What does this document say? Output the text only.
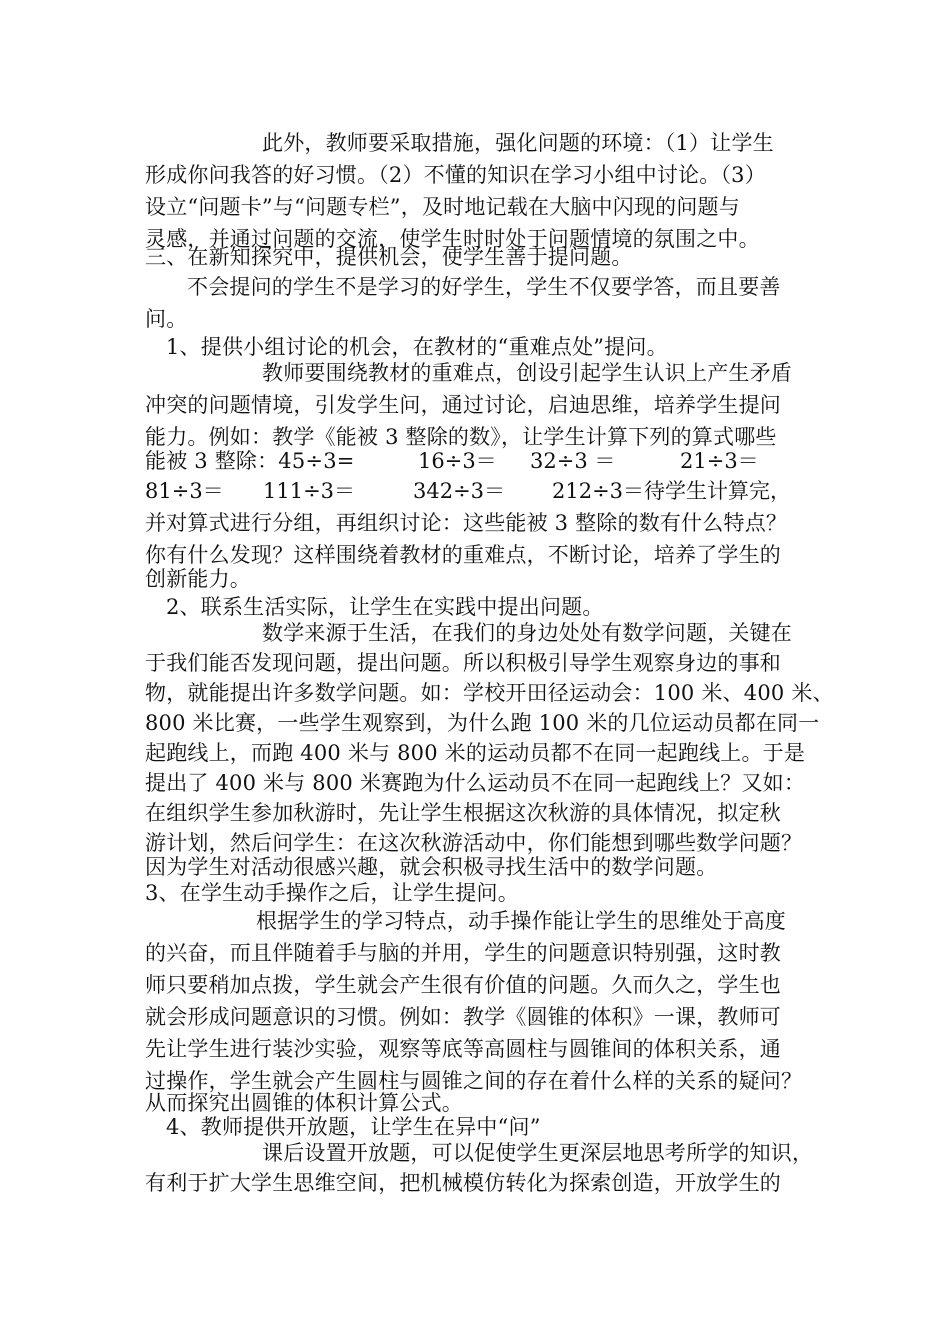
此外，教师要采取措施，强化问题的环境：（1）让学生
形成你问我答的好习惯。（2）不懂的知识在学习小组中讨论。（3）
设立“问题卡”与“问题专栏”，及时地记载在大脑中闪现的问题与
灵感，并通过问题的交流，使学生时时处于问题情境的氛围之中。
三、在新知探究中，提供机会，使学生善于提问题。
不会提问的学生不是学习的好学生，学生不仅要学答，而且要善
问。
1、提供小组讨论的机会，在教材的“重难点处”提问。
教师要围绕教材的重难点，创设引起学生认识上产生矛盾
冲突的问题情境，引发学生问，通过讨论，启迪思维，培养学生提问
能力。例如：教学《能被 3 整除的数》，让学生计算下列的算式哪些
能被 3 整除：45÷3=	16÷3＝ 32÷3 ＝	21÷3＝
81÷3＝ 111÷3＝	342÷3＝ 212÷3＝待学生计算完，
并对算式进行分组，再组织讨论：这些能被 3 整除的数有什么特点？
你有什么发现？这样围绕着教材的重难点，不断讨论，培养了学生的
创新能力。
2、联系生活实际，让学生在实践中提出问题。
数学来源于生活，在我们的身边处处有数学问题，关键在
于我们能否发现问题，提出问题。所以积极引导学生观察身边的事和
物，就能提出许多数学问题。如：学校开田径运动会：100 米、400 米、
800 米比赛，一些学生观察到，为什么跑 100 米的几位运动员都在同一
起跑线上，而跑 400 米与 800 米的运动员都不在同一起跑线上。于是
提出了 400 米与 800 米赛跑为什么运动员不在同一起跑线上？又如：
在组织学生参加秋游时，先让学生根据这次秋游的具体情况，拟定秋
游计划，然后问学生：在这次秋游活动中，你们能想到哪些数学问题？
因为学生对活动很感兴趣，就会积极寻找生活中的数学问题。
3、在学生动手操作之后，让学生提问。
根据学生的学习特点，动手操作能让学生的思维处于高度
的兴奋，而且伴随着手与脑的并用，学生的问题意识特别强，这时教
师只要稍加点拨，学生就会产生很有价值的问题。久而久之，学生也
就会形成问题意识的习惯。例如：教学《圆锥的体积》一课，教师可
先让学生进行装沙实验，观察等底等高圆柱与圆锥间的体积关系，通
过操作，学生就会产生圆柱与圆锥之间的存在着什么样的关系的疑问？
从而探究出圆锥的体积计算公式。
4、教师提供开放题，让学生在异中“问”
课后设置开放题，可以促使学生更深层地思考所学的知识，
有利于扩大学生思维空间，把机械模仿转化为探索创造，开放学生的
